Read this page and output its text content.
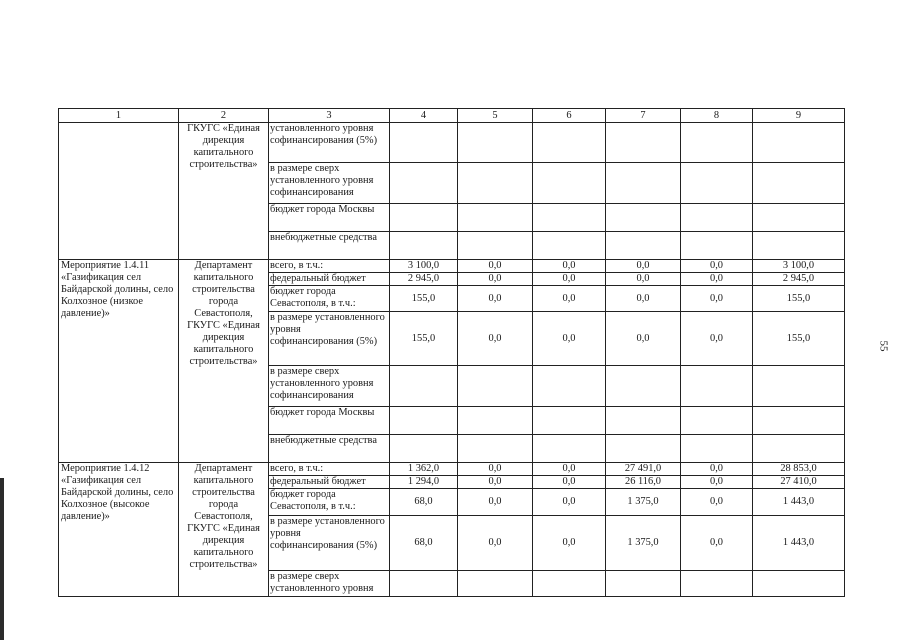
1	2	3	4	5	6	7	8	9
	ГКУГС «Единая дирекция капитального строительства»	установленного уровня софинансирования (5%)						
		в размере сверх установленного уровня софинансирования						
		бюджет города Москвы						
		внебюджетные средства						
Мероприятие 1.4.11 «Газификация сел Байдарской долины, село Колхозное (низкое давление)»	Департамент капитального строительства города Севастополя, ГКУГС «Единая дирекция капитального строительства»	всего, в т.ч.:	3 100,0	0,0	0,0	0,0	0,0	3 100,0
		федеральный бюджет	2 945,0	0,0	0,0	0,0	0,0	2 945,0
		бюджет города Севастополя, в т.ч.:	155,0	0,0	0,0	0,0	0,0	155,0
		в размере установленного уровня софинансирования (5%)	155,0	0,0	0,0	0,0	0,0	155,0
		в размере сверх установленного уровня софинансирования						
		бюджет города Москвы						
		внебюджетные средства						
Мероприятие 1.4.12 «Газификация сел Байдарской долины, село Колхозное (высокое давление)»	Департамент капитального строительства города Севастополя, ГКУГС «Единая дирекция капитального строительства»	всего, в т.ч.:	1 362,0	0,0	0,0	27 491,0	0,0	28 853,0
		федеральный бюджет	1 294,0	0,0	0,0	26 116,0	0,0	27 410,0
		бюджет города Севастополя, в т.ч.:	68,0	0,0	0,0	1 375,0	0,0	1 443,0
		в размере установленного уровня софинансирования (5%)	68,0	0,0	0,0	1 375,0	0,0	1 443,0
		в размере сверх установленного уровня						
55
